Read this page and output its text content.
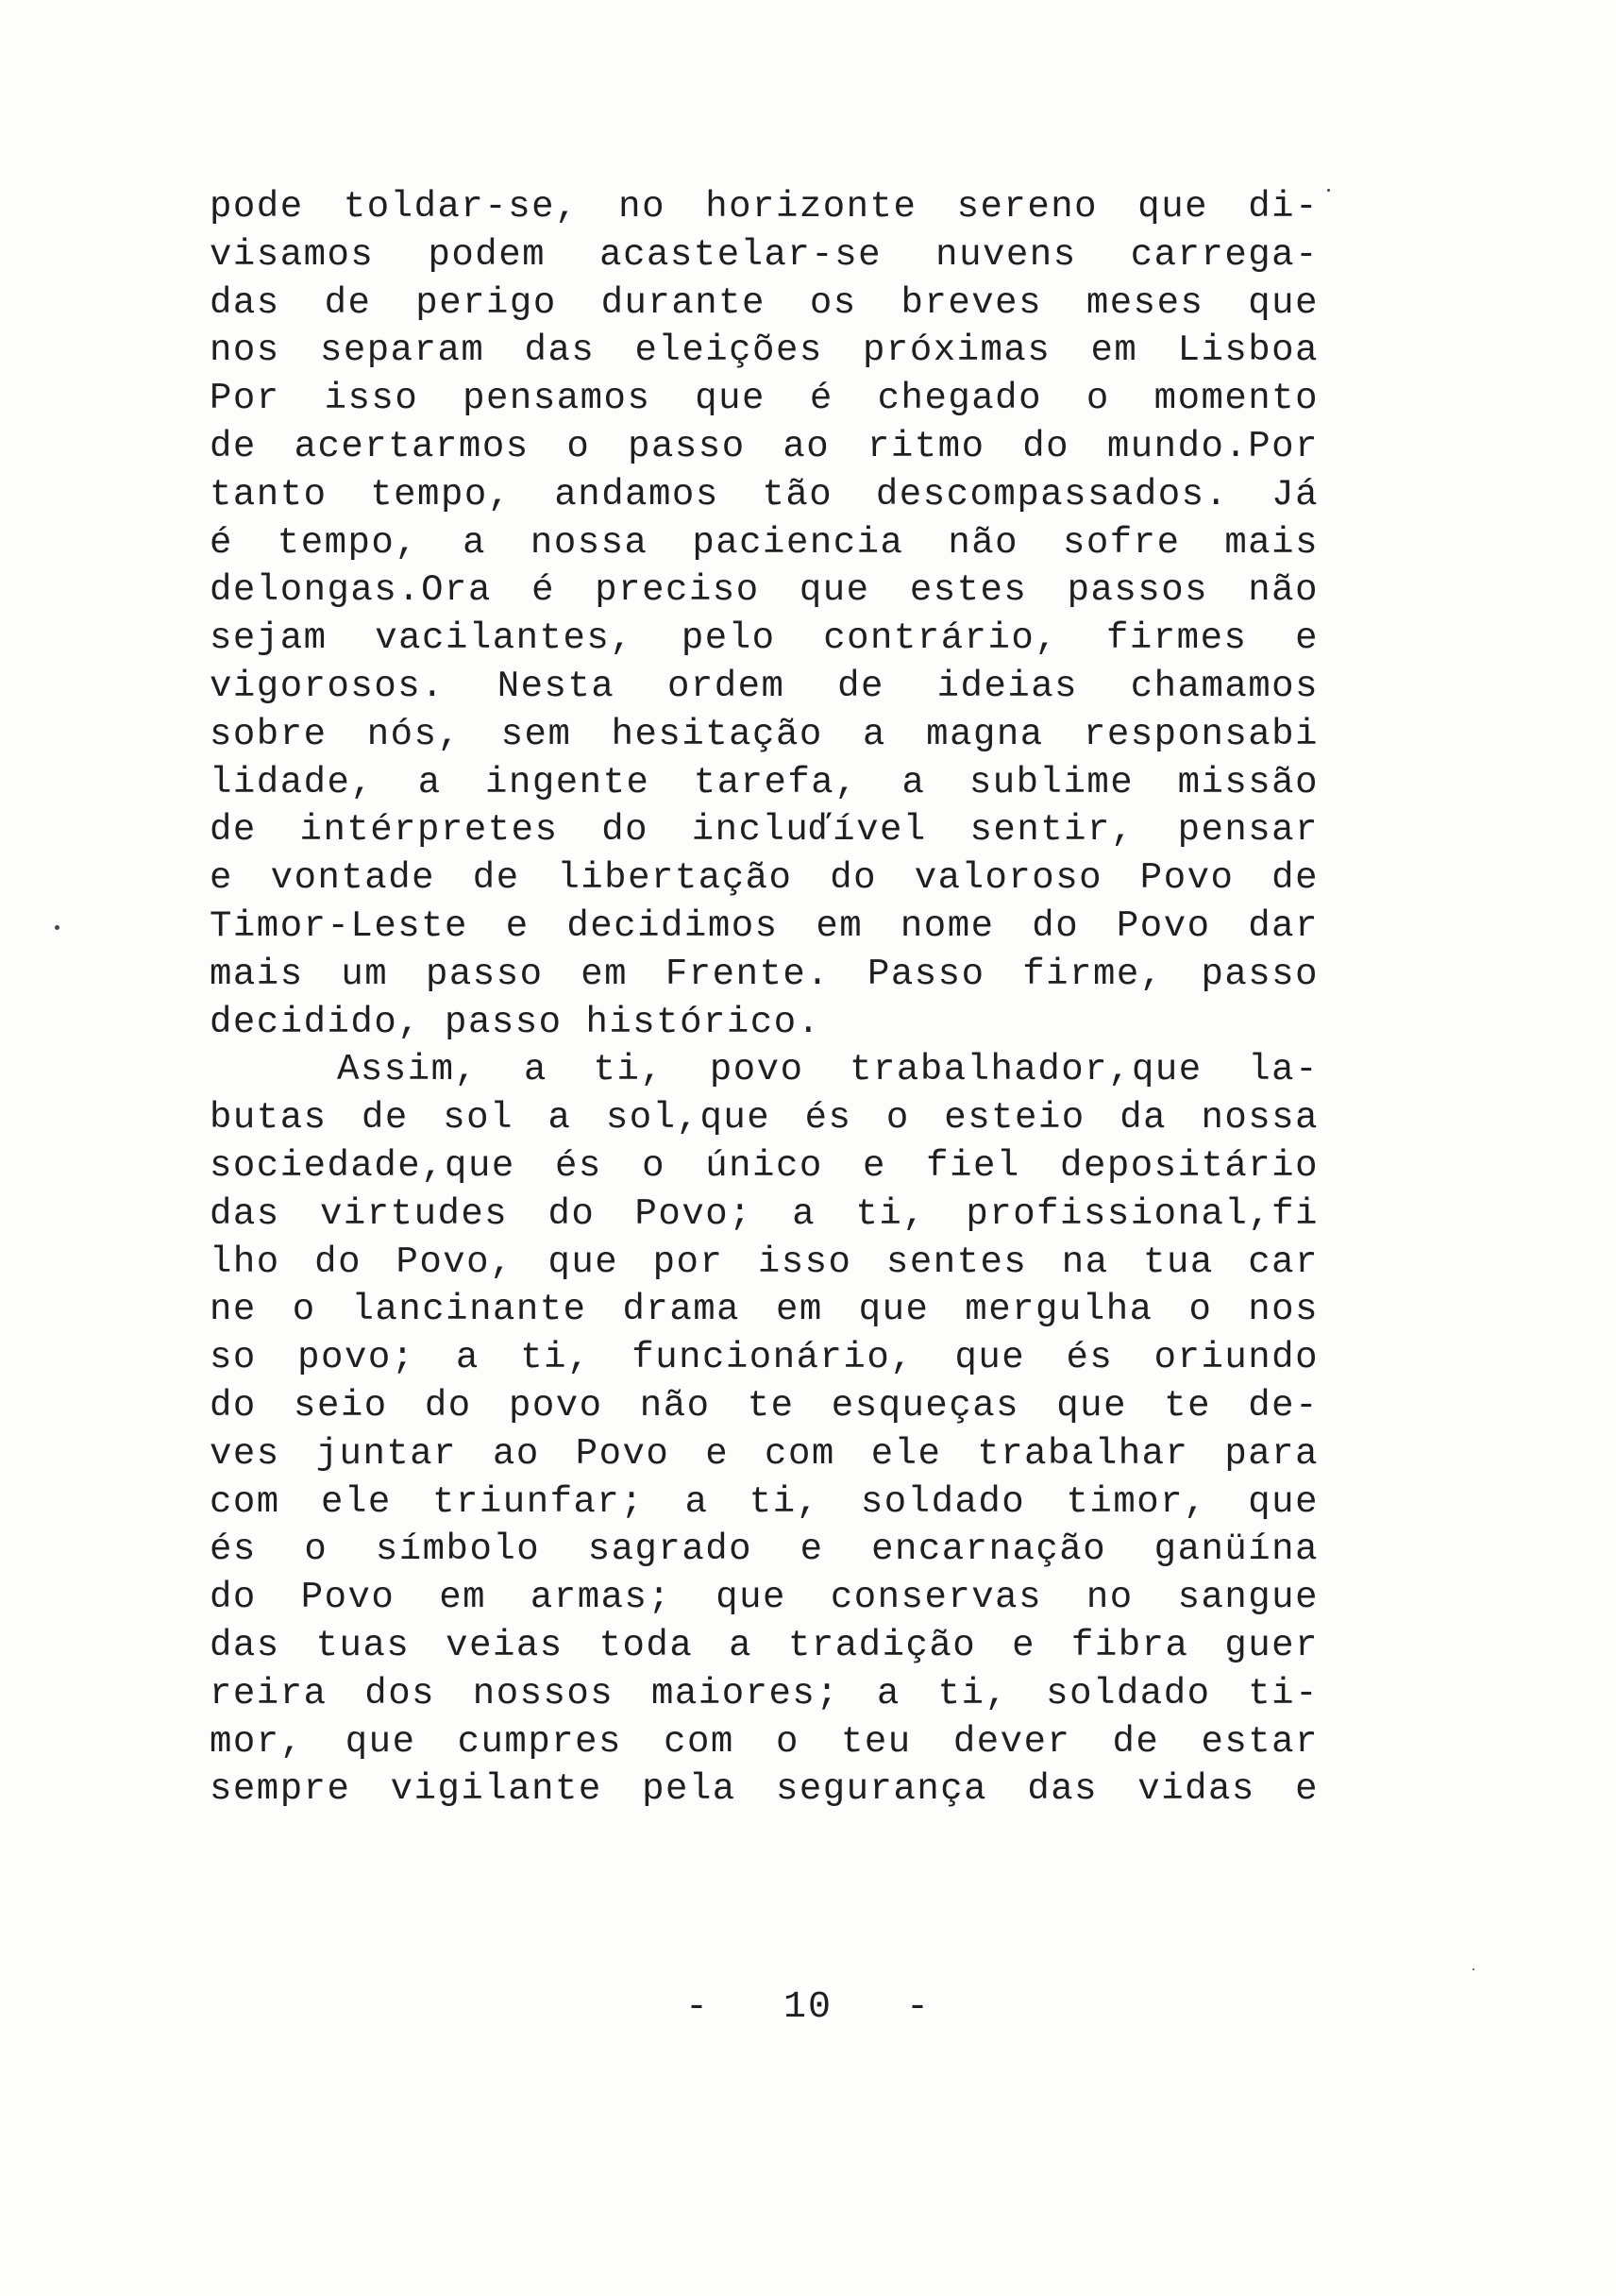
pode toldar-se, no horizonte sereno que di-
visamos podem acastelar-se nuvens carrega-
das de perigo durante os breves meses que
nos separam das eleições próximas em Lisboa
Por isso pensamos que é chegado o momento
de acertarmos o passo ao ritmo do mundo.Por
tanto tempo, andamos tão descompassados. Já
é tempo, a nossa paciencia não sofre mais
delongas.Ora é preciso que estes passos não
sejam vacilantes, pelo contrário, firmes e
vigorosos. Nesta ordem de ideias chamamos
sobre nós, sem hesitação a magna responsabi
lidade, a ingente tarefa, a sublime missão
de intérpretes do incluďível sentir, pensar
e vontade de libertação do valoroso Povo de
Timor-Leste e decidimos em nome do Povo dar
mais um passo em Frente. Passo firme, passo
decidido, passo histórico.
Assim, a ti, povo trabalhador,que la-
butas de sol a sol,que és o esteio da nossa
sociedade,que és o único e fiel depositário
das virtudes do Povo; a ti, profissional,fi
lho do Povo, que por isso sentes na tua car
ne o lancinante drama em que mergulha o nos
so povo; a ti, funcionário, que és oriundo
do seio do povo não te esqueças que te de-
ves juntar ao Povo e com ele trabalhar para
com ele triunfar; a ti, soldado timor, que
és o símbolo sagrado e encarnação ganüína
do Povo em armas; que conservas no sangue
das tuas veias toda a tradição e fibra guer
reira dos nossos maiores; a ti, soldado ti-
mor, que cumpres com o teu dever de estar
sempre vigilante pela segurança das vidas e
-   10   -
